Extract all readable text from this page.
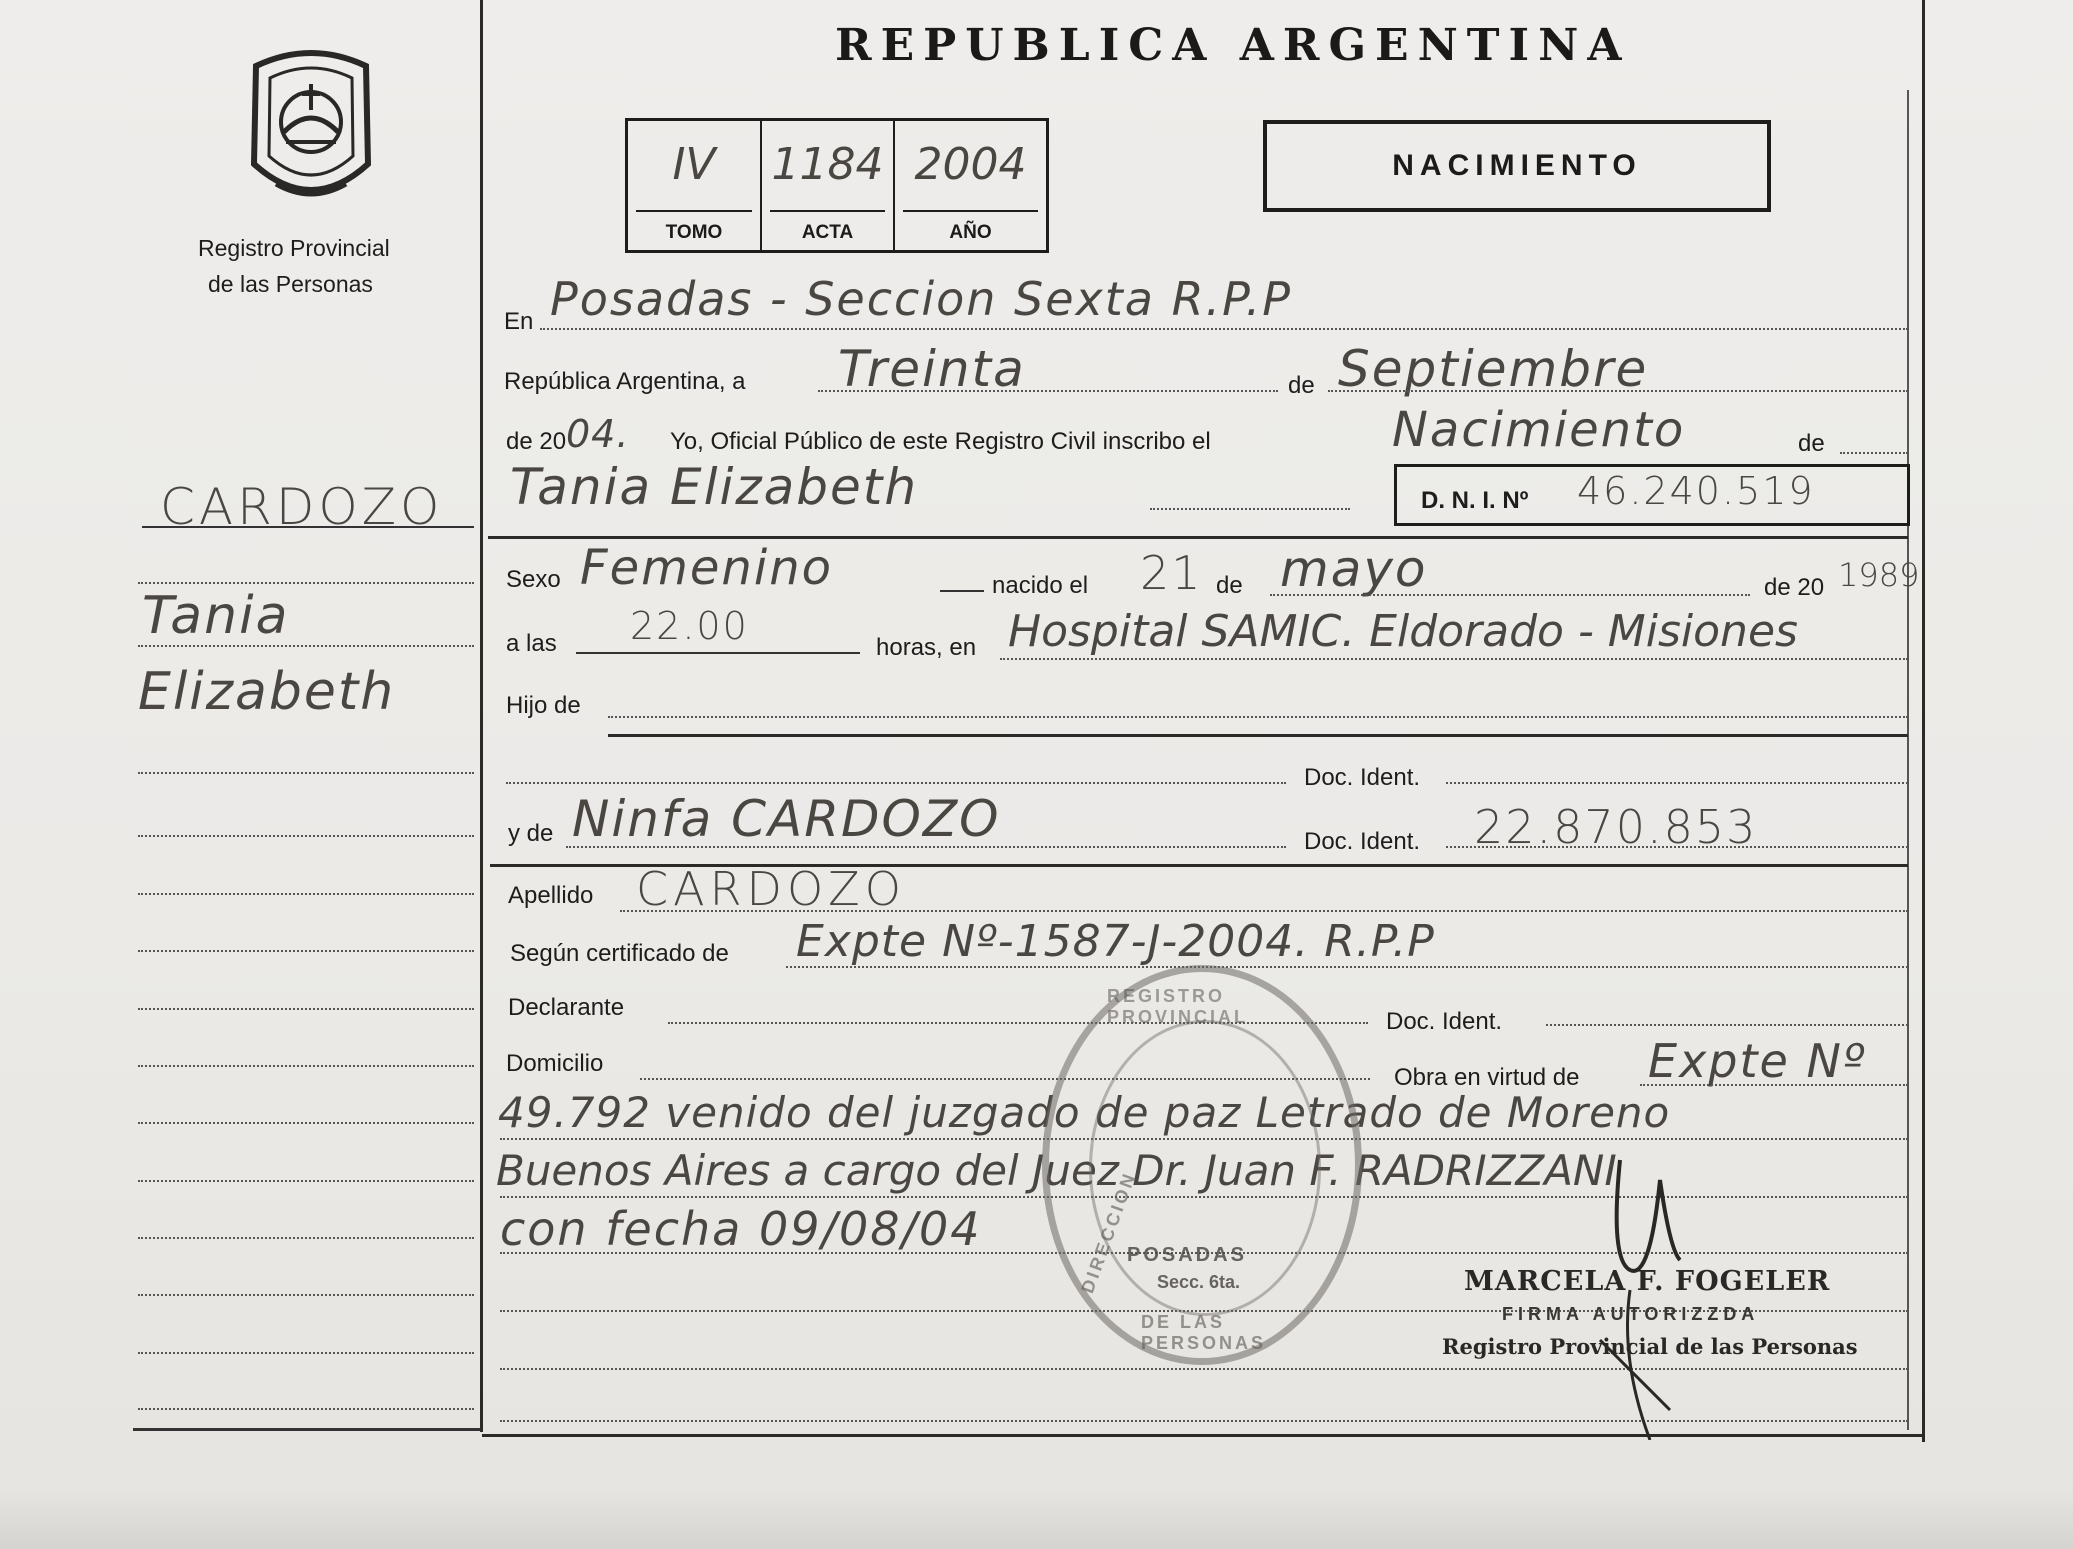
Registro Provincial
de las Personas
REPUBLICA ARGENTINA
IV
TOMO
1184
ACTA
2004
AÑO
NACIMIENTO
CARDOZO
Tania
Elizabeth
En Posadas - Seccion Sexta R.P.P
República Argentina, a Treinta	de Septiembre
de 20 04. Yo, Oficial Público de este Registro Civil inscribo el	Nacimiento	de
Tania Elizabeth	D. N. I. Nº 46.240.519
Sexo Femenino	nacido el 21 de mayo	de 20 1989
a las 22.00	horas, en Hospital SAMIC. Eldorado - Misiones
Hijo de
Doc. Ident.
y de Ninfa CARDOZO	Doc. Ident. 22.870.853
Apellido CARDOZO
Según certificado de Expte Nº-1587-J-2004. R.P.P
Declarante
Doc. Ident.
Domicilio
Obra en virtud de Expte Nº
49.792 venido del juzgado de paz Letrado de Moreno
Buenos Aires a cargo del Juez Dr. Juan F. RADRIZZANI
con fecha 09/08/04
REGISTRO PROVINCIAL
DIRECCION
DE LAS PERSONAS
POSADAS
Secc. 6ta.	MARCELA F. FOGELER
FIRMA AUTORIZZDA
Registro Provincial de las Personas
